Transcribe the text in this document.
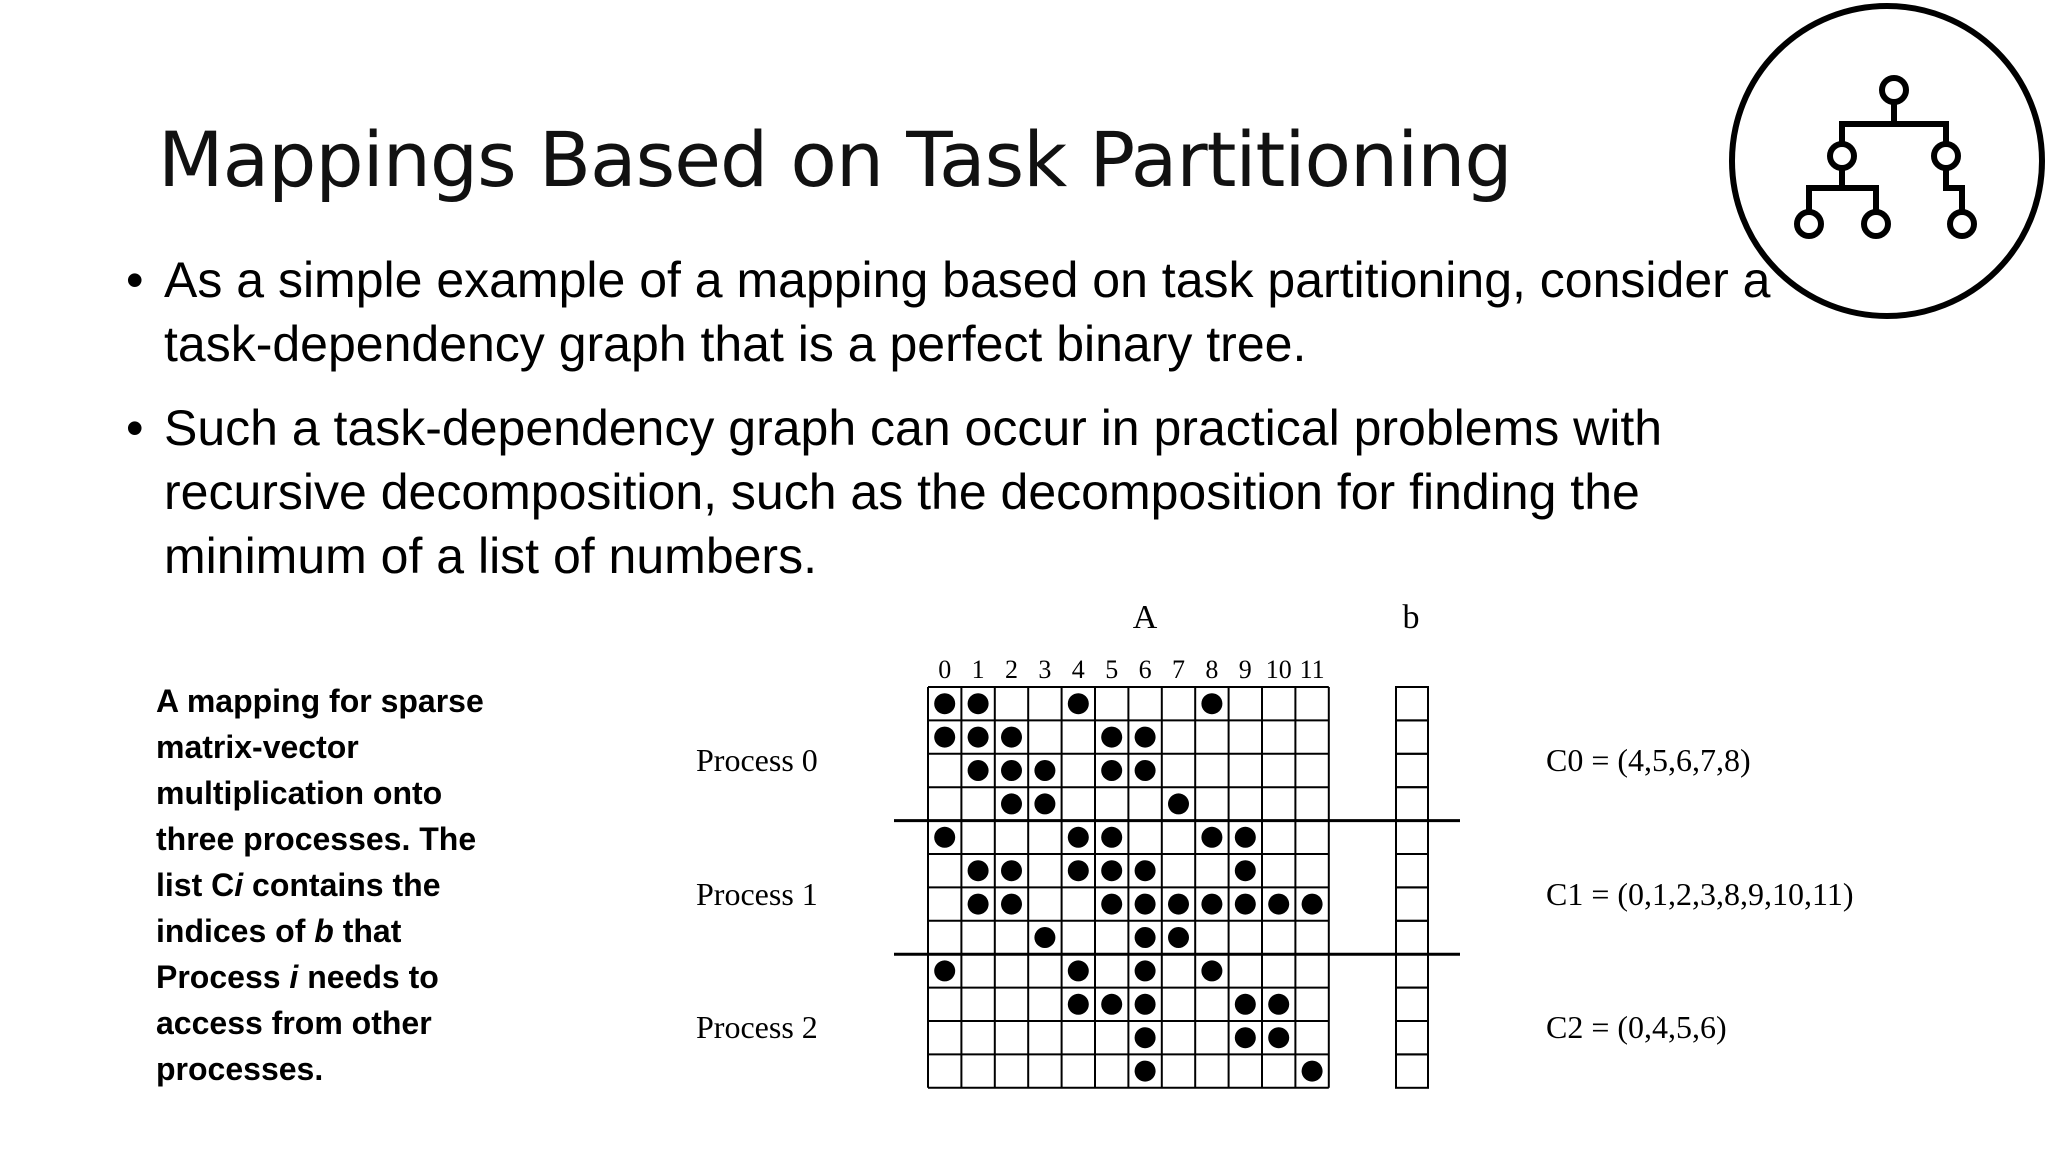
Mappings Based on Task Partitioning
• As a simple example of a mapping based on task partitioning, consider a task-dependency graph that is a perfect binary tree.
• Such a task-dependency graph can occur in practical problems with recursive decomposition, such as the decomposition for finding the minimum of a list of numbers.
A mapping for sparse matrix-vector multiplication onto three processes. The list Ci contains the indices of b that Process i needs to access from other processes.
A	b
0 1 2 3 4 5 6 7 8 9 10 11
Process 0
Process 1
Process 2
C0 = (4,5,6,7,8)
C1 = (0,1,2,3,8,9,10,11)
C2 = (0,4,5,6)
